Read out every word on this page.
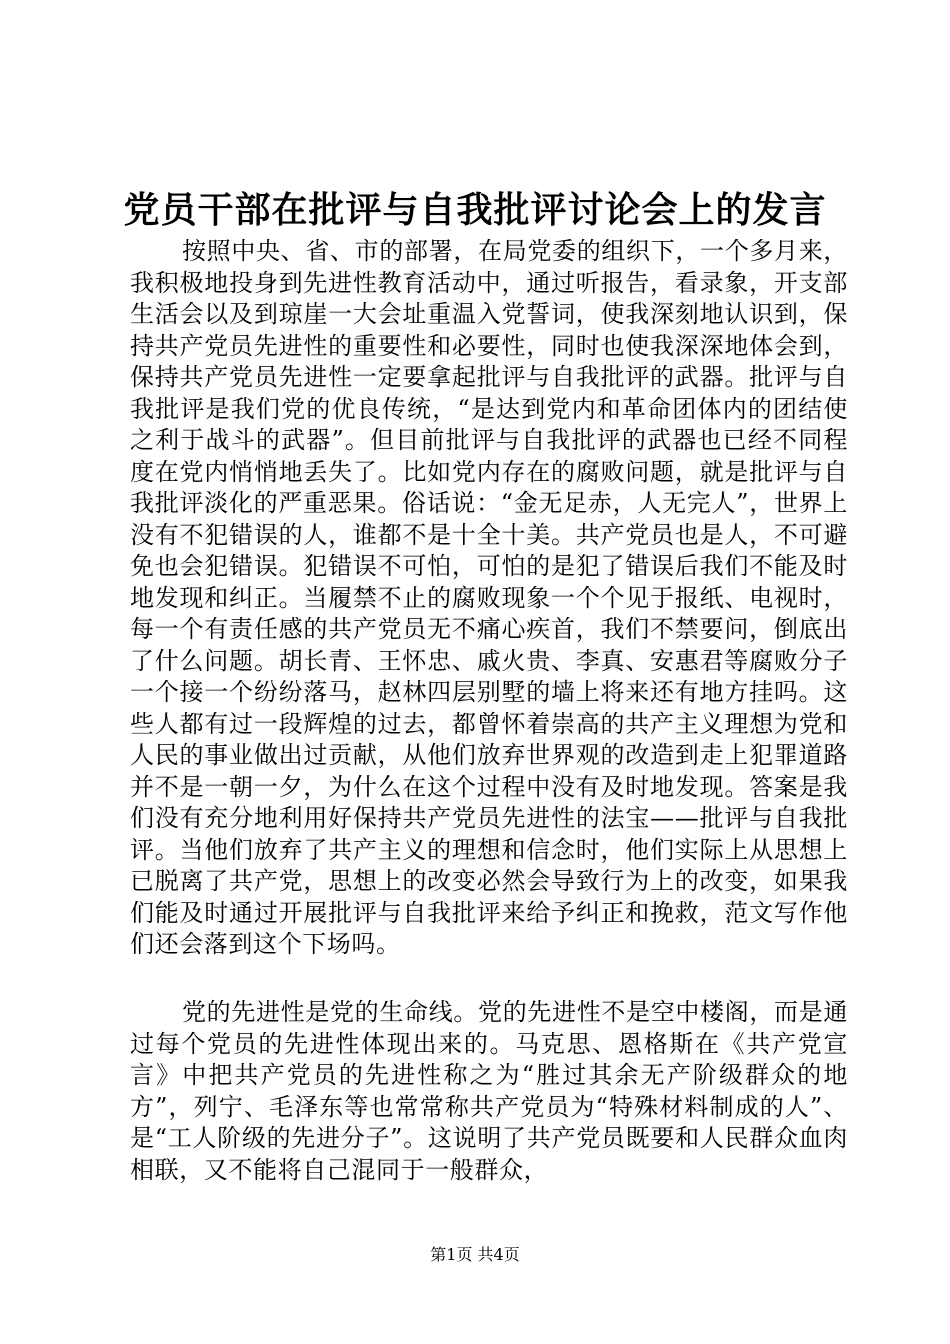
党员干部在批评与自我批评讨论会上的发言

按照中央、省、市的部署，在局党委的组织下，一个多月来，我积极地投身到先进性教育活动中，通过听报告，看录象，开支部生活会以及到琼崖一大会址重温入党誓词，使我深刻地认识到，保持共产党员先进性的重要性和必要性，同时也使我深深地体会到，保持共产党员先进性一定要拿起批评与自我批评的武器。批评与自我批评是我们党的优良传统，“是达到党内和革命团体内的团结使之利于战斗的武器”。但目前批评与自我批评的武器也已经不同程度在党内悄悄地丢失了。比如党内存在的腐败问题，就是批评与自我批评淡化的严重恶果。俗话说：“金无足赤，人无完人”，世界上没有不犯错误的人，谁都不是十全十美。共产党员也是人，不可避免也会犯错误。犯错误不可怕，可怕的是犯了错误后我们不能及时地发现和纠正。当履禁不止的腐败现象一个个见于报纸、电视时，每一个有责任感的共产党员无不痛心疾首，我们不禁要问，倒底出了什么问题。胡长青、王怀忠、戚火贵、李真、安惠君等腐败分子一个接一个纷纷落马，赵林四层别墅的墙上将来还有地方挂吗。这些人都有过一段辉煌的过去，都曾怀着崇高的共产主义理想为党和人民的事业做出过贡献，从他们放弃世界观的改造到走上犯罪道路并不是一朝一夕，为什么在这个过程中没有及时地发现。答案是我们没有充分地利用好保持共产党员先进性的法宝——批评与自我批评。当他们放弃了共产主义的理想和信念时，他们实际上从思想上已脱离了共产党，思想上的改变必然会导致行为上的改变，如果我们能及时通过开展批评与自我批评来给予纠正和挽救，范文写作他们还会落到这个下场吗。

党的先进性是党的生命线。党的先进性不是空中楼阁，而是通过每个党员的先进性体现出来的。马克思、恩格斯在《共产党宣言》中把共产党员的先进性称之为“胜过其余无产阶级群众的地方”，列宁、毛泽东等也常常称共产党员为“特殊材料制成的人”、是“工人阶级的先进分子”。这说明了共产党员既要和人民群众血肉相联，又不能将自己混同于一般群众，

第1页 共4页
